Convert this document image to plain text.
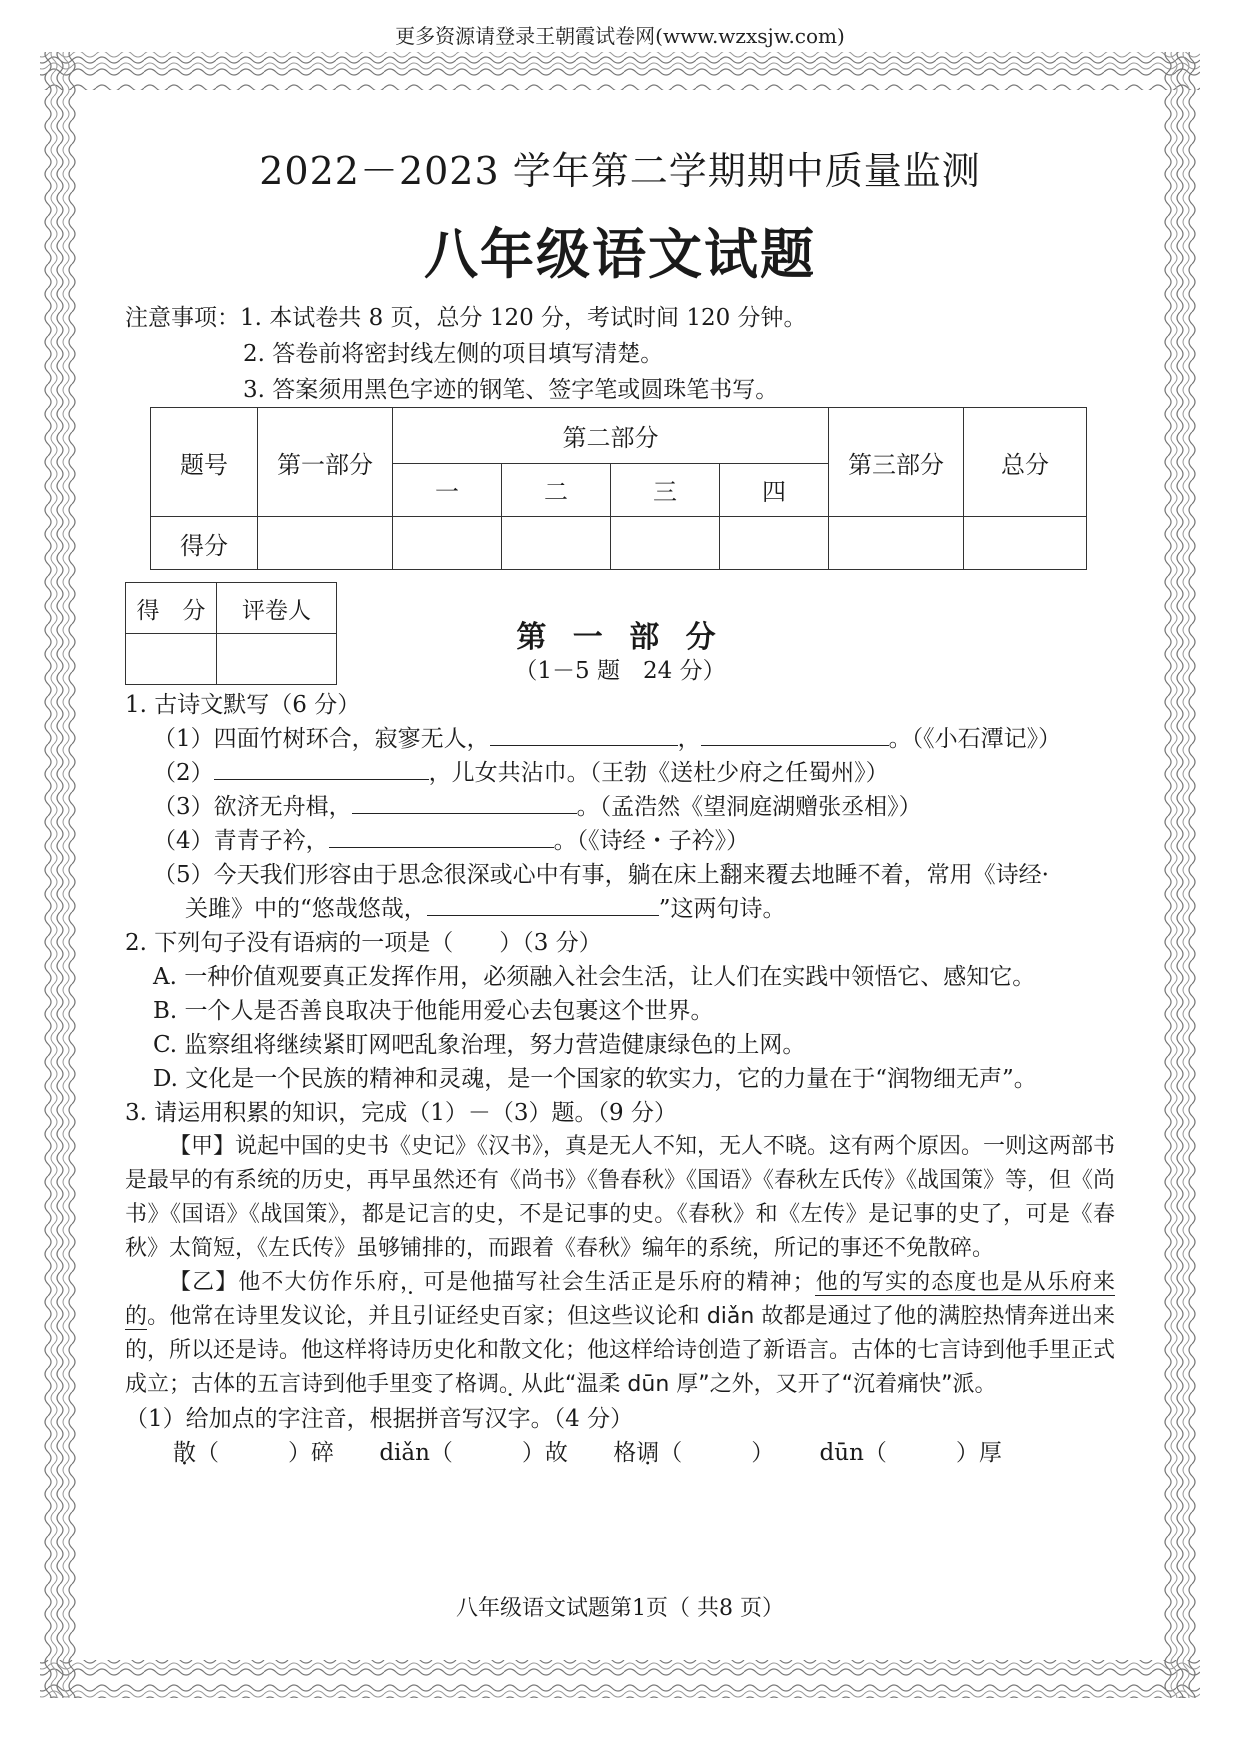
更多资源请登录王朝霞试卷网(www.wzxsjw.com)
2022－2023 学年第二学期期中质量监测
八年级语文试题
注意事项：1. 本试卷共 8 页，总分 120 分，考试时间 120 分钟。
2. 答卷前将密封线左侧的项目填写清楚。
3. 答案须用黑色字迹的钢笔、签字笔或圆珠笔书写。
题号	第一部分	第二部分				第三部分	总分
		一	二	三	四		
得分							
得　分	评卷人

第 一 部 分
（1－5 题　24 分）
1. 古诗文默写（6 分）
（1）四面竹树环合，寂寥无人，	，	。（《小石潭记》）
（2）	，儿女共沾巾。（王勃《送杜少府之任蜀州》）
（3）欲济无舟楫，	。（孟浩然《望洞庭湖赠张丞相》）
（4）青青子衿，	。（《诗经・子衿》）
（5）今天我们形容由于思念很深或心中有事，躺在床上翻来覆去地睡不着，常用《诗经·
关雎》中的“悠哉悠哉，	”这两句诗。
2. 下列句子没有语病的一项是（　　）（3 分）
A. 一种价值观要真正发挥作用，必须融入社会生活，让人们在实践中领悟它、感知它。
B. 一个人是否善良取决于他能用爱心去包裹这个世界。
C. 监察组将继续紧盯网吧乱象治理，努力营造健康绿色的上网。
D. 文化是一个民族的精神和灵魂，是一个国家的软实力，它的力量在于“润物细无声”。
3. 请运用积累的知识，完成（1）－（3）题。（9 分）

【甲】说起中国的史书《史记》《汉书》，真是无人不知，无人不晓。这有两个原因。一则这两部书是最早的有系统的历史，再早虽然还有《尚书》《鲁春秋》《国语》《春秋左氏传》《战国策》等，但《尚书》《国语》《战国策》，都是记言的史，不是记事的史。《春秋》和《左传》是记事的史了，可是《春秋》太简短，《左氏传》虽够铺排的，而跟着《春秋》编年的系统，所记的事还不免散碎。

【乙】他不大仿作乐府，可是他描写社会生活正是乐府的精神；他的写实的态度也是从乐府来的。他常在诗里发议论，并且引证经史百家；但这些议论和 diǎn 故都是通过了他的满腔热情奔迸出来的，所以还是诗。他这样将诗历史化和散文化；他这样给诗创造了新语言。古体的七言诗到他手里正式成立；古体的五言诗到他手里变了格调。从此“温柔 dūn 厚”之外，又开了“沉着痛快”派。

（1）给加点的字注音，根据拼音写汉字。（4 分）
散（　　　）碎 diǎn（　　　）故 格调（　　　） dūn（　　　）厚
八年级语文试题第1页（ 共8 页）
